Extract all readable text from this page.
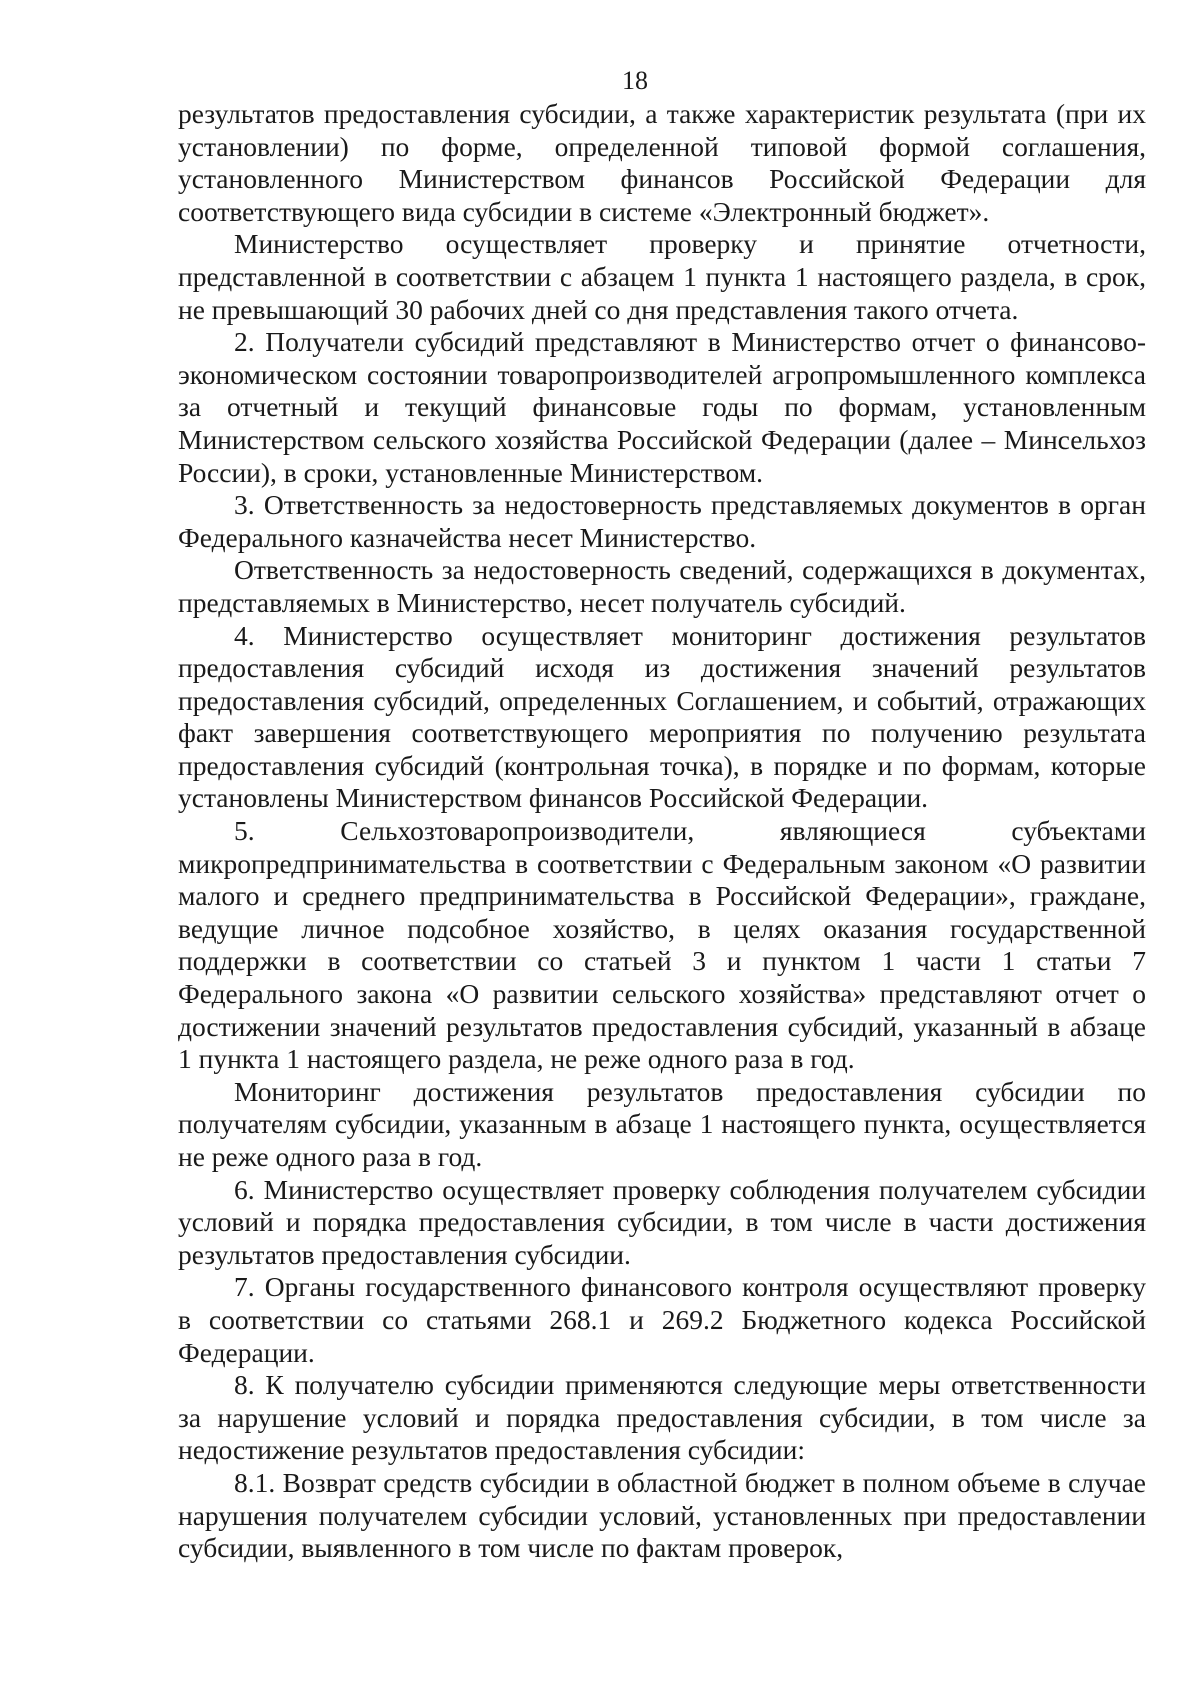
18

результатов предоставления субсидии, а также характеристик результата (при их установлении) по форме, определенной типовой формой соглашения, установленного Министерством финансов Российской Федерации для соответствующего вида субсидии в системе «Электронный бюджет».

Министерство осуществляет проверку и принятие отчетности, представленной в соответствии с абзацем 1 пункта 1 настоящего раздела, в срок, не превышающий 30 рабочих дней со дня представления такого отчета.

2. Получатели субсидий представляют в Министерство отчет о финансово-экономическом состоянии товаропроизводителей агропромышленного комплекса за отчетный и текущий финансовые годы по формам, установленным Министерством сельского хозяйства Российской Федерации (далее – Минсельхоз России), в сроки, установленные Министерством.

3. Ответственность за недостоверность представляемых документов в орган Федерального казначейства несет Министерство.

Ответственность за недостоверность сведений, содержащихся в документах, представляемых в Министерство, несет получатель субсидий.

4. Министерство осуществляет мониторинг достижения результатов предоставления субсидий исходя из достижения значений результатов предоставления субсидий, определенных Соглашением, и событий, отражающих факт завершения соответствующего мероприятия по получению результата предоставления субсидий (контрольная точка), в порядке и по формам, которые установлены Министерством финансов Российской Федерации.

5. Сельхозтоваропроизводители, являющиеся субъектами микропредпринимательства в соответствии с Федеральным законом «О развитии малого и среднего предпринимательства в Российской Федерации», граждане, ведущие личное подсобное хозяйство, в целях оказания государственной поддержки в соответствии со статьей 3 и пунктом 1 части 1 статьи 7 Федерального закона «О развитии сельского хозяйства» представляют отчет о достижении значений результатов предоставления субсидий, указанный в абзаце 1 пункта 1 настоящего раздела, не реже одного раза в год.

Мониторинг достижения результатов предоставления субсидии по получателям субсидии, указанным в абзаце 1 настоящего пункта, осуществляется не реже одного раза в год.

6. Министерство осуществляет проверку соблюдения получателем субсидии условий и порядка предоставления субсидии, в том числе в части достижения результатов предоставления субсидии.

7. Органы государственного финансового контроля осуществляют проверку в соответствии со статьями 268.1 и 269.2 Бюджетного кодекса Российской Федерации.

8. К получателю субсидии применяются следующие меры ответственности за нарушение условий и порядка предоставления субсидии, в том числе за недостижение результатов предоставления субсидии:

8.1. Возврат средств субсидии в областной бюджет в полном объеме в случае нарушения получателем субсидии условий, установленных при предоставлении субсидии, выявленного в том числе по фактам проверок,
